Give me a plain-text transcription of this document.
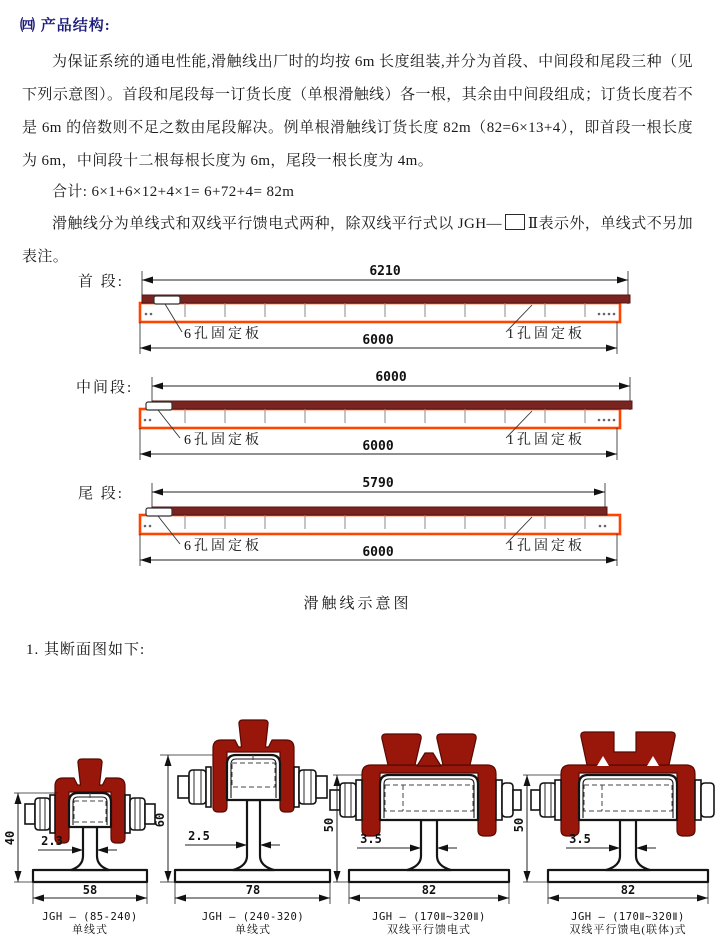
㈣ 产品结构:
为保证系统的通电性能,滑触线出厂时的均按 6m 长度组装,并分为首段、中间段和尾段三种（见下列示意图）。首段和尾段每一订货长度（单根滑触线）各一根，其余由中间段组成；订货长度若不是 6m 的倍数则不足之数由尾段解决。例单根滑触线订货长度 82m（82=6×13+4），即首段一根长度为 6m，中间段十二根每根长度为 6m，尾段一根长度为 4m。
合计: 6×1+6×12+4×1= 6+72+4= 82m
滑触线分为单线式和双线平行馈电式两种，除双线平行式以 JGH— Ⅱ表示外，单线式不另加表注。
首 段:
6210
6孔固定板	1孔固定板
6000
中间段:
6000
6孔固定板	1孔固定板
6000
尾 段:
5790
6孔固定板	1孔固定板
6000
滑触线示意图
1. 其断面图如下:
40 2.3
58
JGH — (85-240)
单线式
60
2.5
78
JGH — (240-320)
单线式
50
3.5
82
JGH — (170Ⅱ~320Ⅱ)
双线平行馈电式
50
3.5
82
JGH — (170Ⅱ~320Ⅱ)
双线平行馈电(联体)式
